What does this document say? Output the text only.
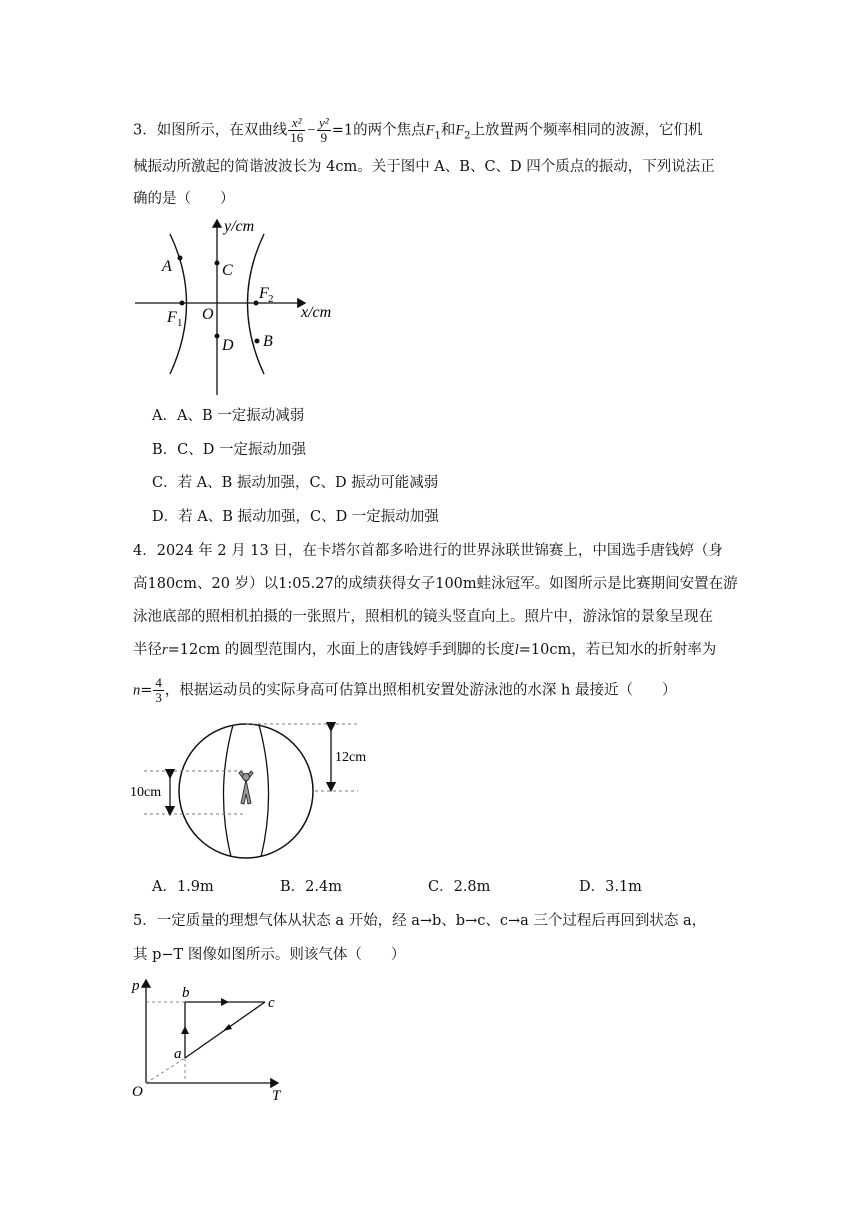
3．如图所示，在双曲线 $\frac{\text{x²}}{16} - \frac{\text{y²}}{9} =1$的两个焦点$F_1$和$F_2$上放置两个频率相同的波源，它们机
械振动所激起的简谐波波长为 4cm。关于图中 A、B、C、D 四个质点的振动，下列说法正
确的是（　　）
y/cm
x/cm
A	C
O
F 1
F 2
D B
A．A、B 一定振动减弱
B．C、D 一定振动加强
C．若 A、B 振动加强，C、D 振动可能减弱
D．若 A、B 振动加强，C、D 一定振动加强
4．2024 年 2 月 13 日，在卡塔尔首都多哈进行的世界泳联世锦赛上，中国选手唐钱婷（身
高180cm、20 岁）以1:05.27的成绩获得女子100m蛙泳冠军。如图所示是比赛期间安置在游
泳池底部的照相机拍摄的一张照片，照相机的镜头竖直向上。照片中，游泳馆的景象呈现在
半径r=12cm 的圆型范围内，水面上的唐钱婷手到脚的长度l=10cm，若已知水的折射率为
$n= \frac{4}{3}$ ，根据运动员的实际身高可估算出照相机安置处游泳池的水深 h 最接近（　　）
12cm
10cm
A．1.9m	B．2.4m	C．2.8m	D．3.1m
5．一定质量的理想气体从状态 a 开始，经 a→b、b→c、c→a 三个过程后再回到状态 a，
其 p−T 图像如图所示。则该气体（　　）
p
T
O
a
b
c
